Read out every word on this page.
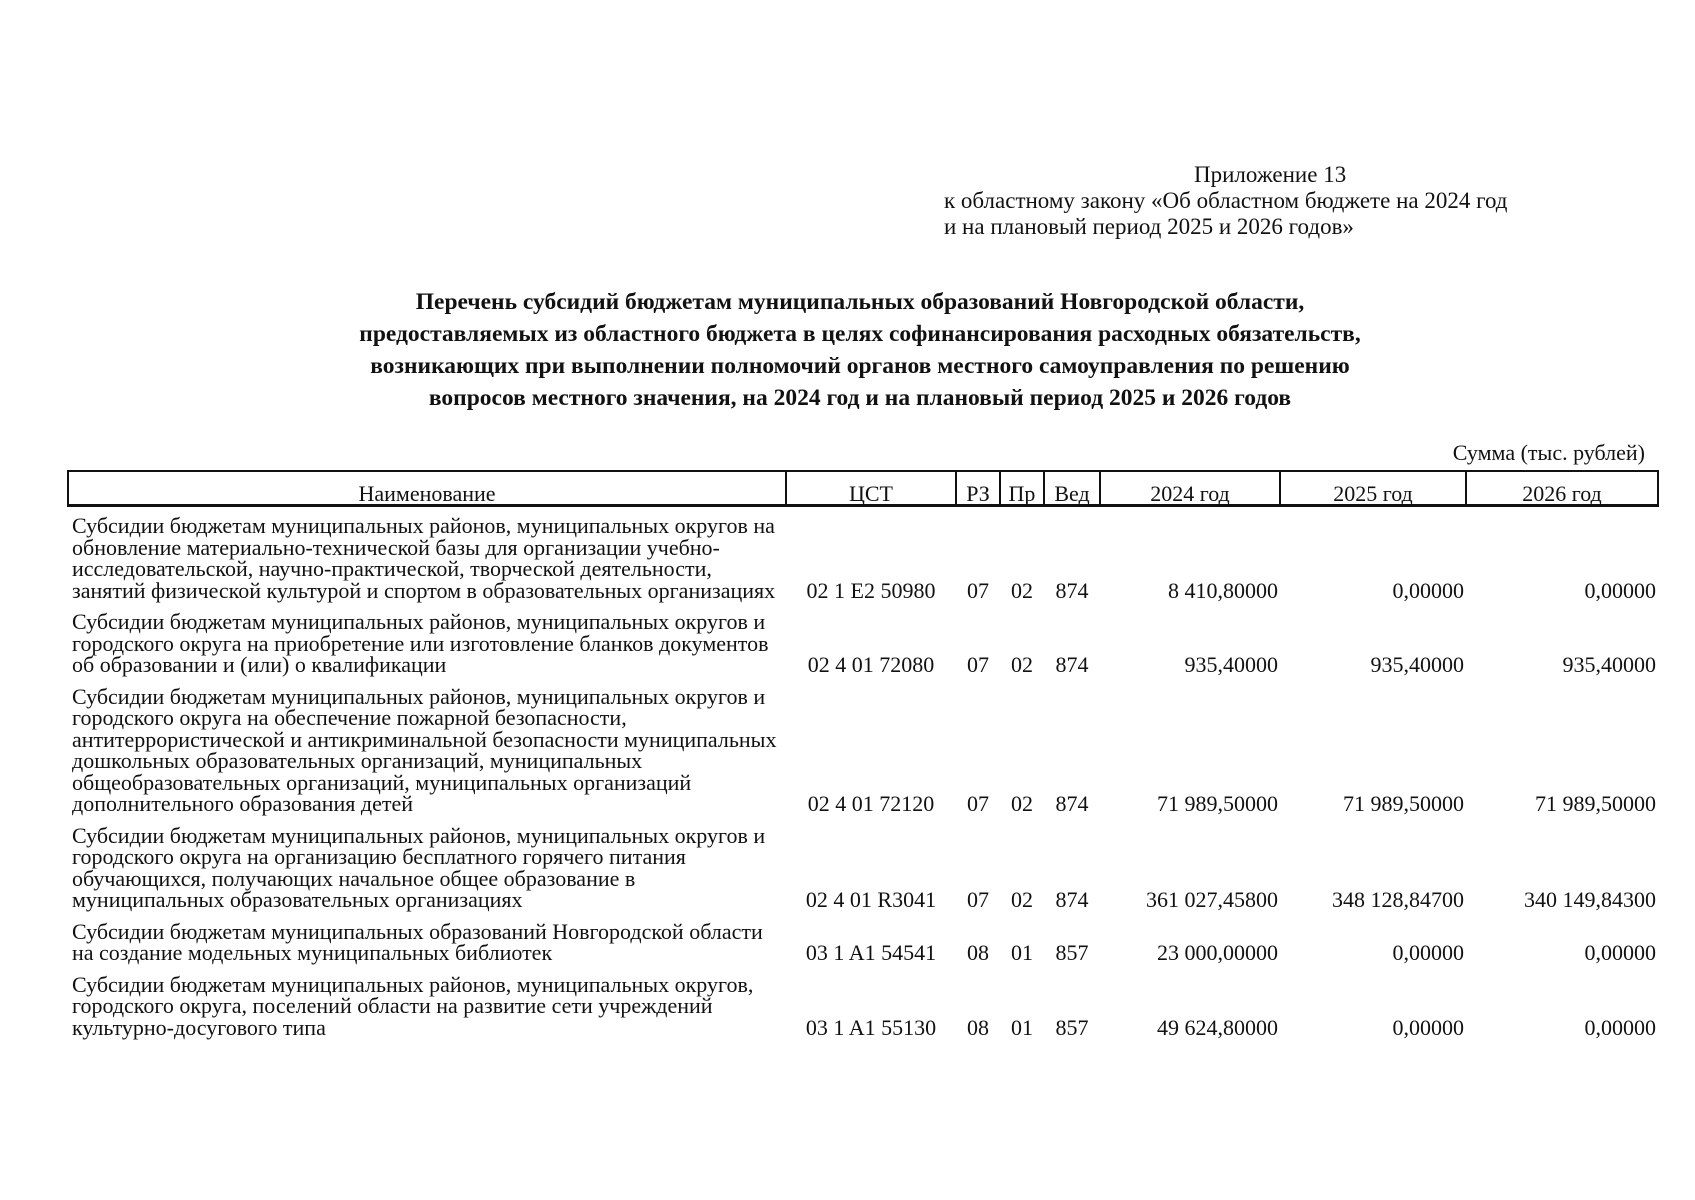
Приложение 13
к областному закону «Об областном бюджете на 2024 год
и на плановый период 2025 и 2026 годов»
Перечень субсидий бюджетам муниципальных образований Новгородской области,
предоставляемых из областного бюджета в целях софинансирования расходных обязательств,
возникающих при выполнении полномочий органов местного самоуправления по решению
вопросов местного значения, на 2024 год и на плановый период 2025 и 2026 годов
Сумма (тыс. рублей)
Наименование	ЦСТ	РЗ	Пр	Вед	2024 год	2025 год	2026 год
Субсидии бюджетам муниципальных районов, муниципальных округов на обновление материально-технической базы для организации учебно-исследовательской, научно-практической, творческой деятельности, занятий физической культурой и спортом в образовательных организациях	02 1 E2 50980	07	02	874	8 410,80000	0,00000	0,00000
Субсидии бюджетам муниципальных районов, муниципальных округов и городского округа на приобретение или изготовление бланков документов об образовании и (или) о квалификации	02 4 01 72080	07	02	874	935,40000	935,40000	935,40000
Субсидии бюджетам муниципальных районов, муниципальных округов и городского округа на обеспечение пожарной безопасности, антитеррористической и антикриминальной безопасности муниципальных дошкольных образовательных организаций, муниципальных общеобразовательных организаций, муниципальных организаций дополнительного образования детей	02 4 01 72120	07	02	874	71 989,50000	71 989,50000	71 989,50000
Субсидии бюджетам муниципальных районов, муниципальных округов и городского округа на организацию бесплатного горячего питания обучающихся, получающих начальное общее образование в муниципальных образовательных организациях	02 4 01 R3041	07	02	874	361 027,45800	348 128,84700	340 149,84300
Субсидии бюджетам муниципальных образований Новгородской области на создание модельных муниципальных библиотек	03 1 A1 54541	08	01	857	23 000,00000	0,00000	0,00000
Субсидии бюджетам муниципальных районов, муниципальных округов, городского округа, поселений области на развитие сети учреждений культурно-досугового типа	03 1 A1 55130	08	01	857	49 624,80000	0,00000	0,00000
